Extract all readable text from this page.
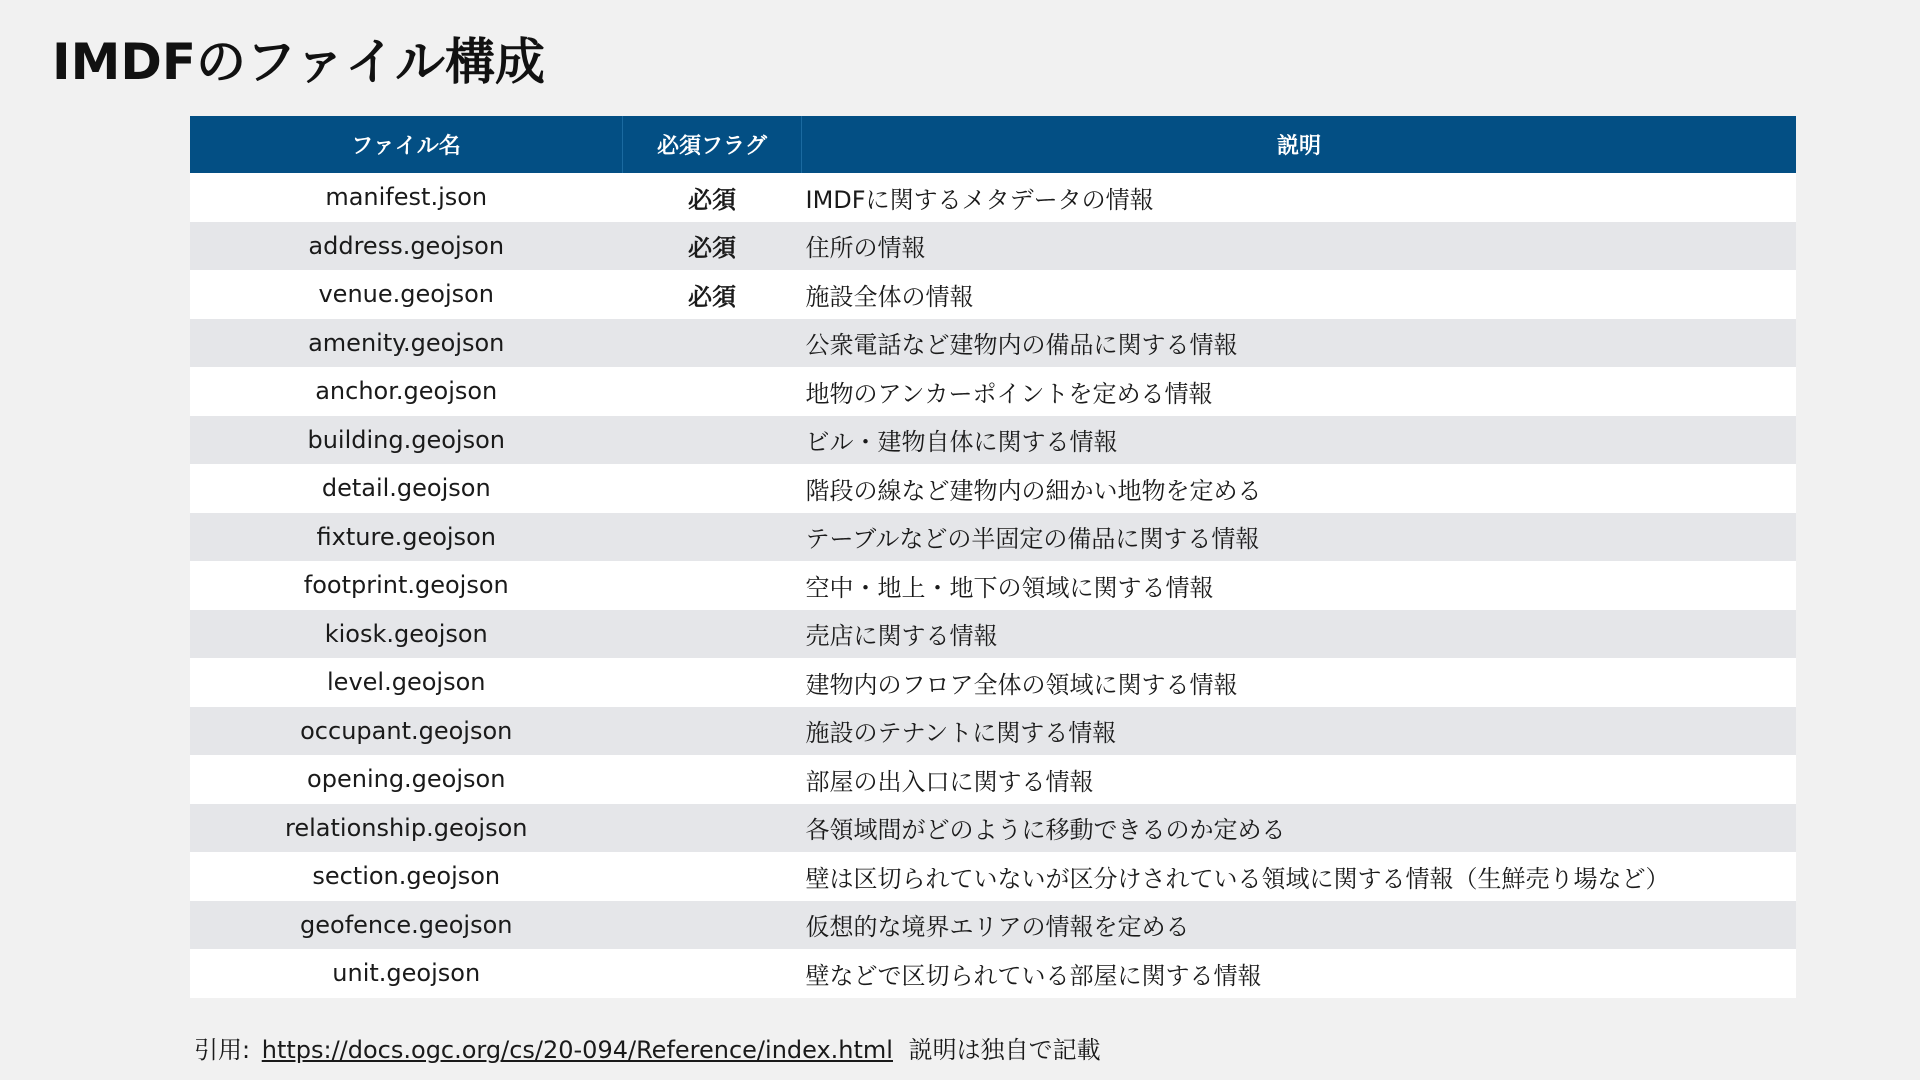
IMDFのファイル構成
ファイル名	必須フラグ	説明
manifest.json	必須	IMDFに関するメタデータの情報
address.geojson	必須	住所の情報
venue.geojson	必須	施設全体の情報
amenity.geojson		公衆電話など建物内の備品に関する情報
anchor.geojson		地物のアンカーポイントを定める情報
building.geojson		ビル・建物自体に関する情報
detail.geojson		階段の線など建物内の細かい地物を定める
fixture.geojson		テーブルなどの半固定の備品に関する情報
footprint.geojson		空中・地上・地下の領域に関する情報
kiosk.geojson		売店に関する情報
level.geojson		建物内のフロア全体の領域に関する情報
occupant.geojson		施設のテナントに関する情報
opening.geojson		部屋の出入口に関する情報
relationship.geojson		各領域間がどのように移動できるのか定める
section.geojson		壁は区切られていないが区分けされている領域に関する情報（生鮮売り場など）
geofence.geojson		仮想的な境界エリアの情報を定める
unit.geojson		壁などで区切られている部屋に関する情報
引用: https://docs.ogc.org/cs/20-094/Reference/index.html 説明は独自で記載
